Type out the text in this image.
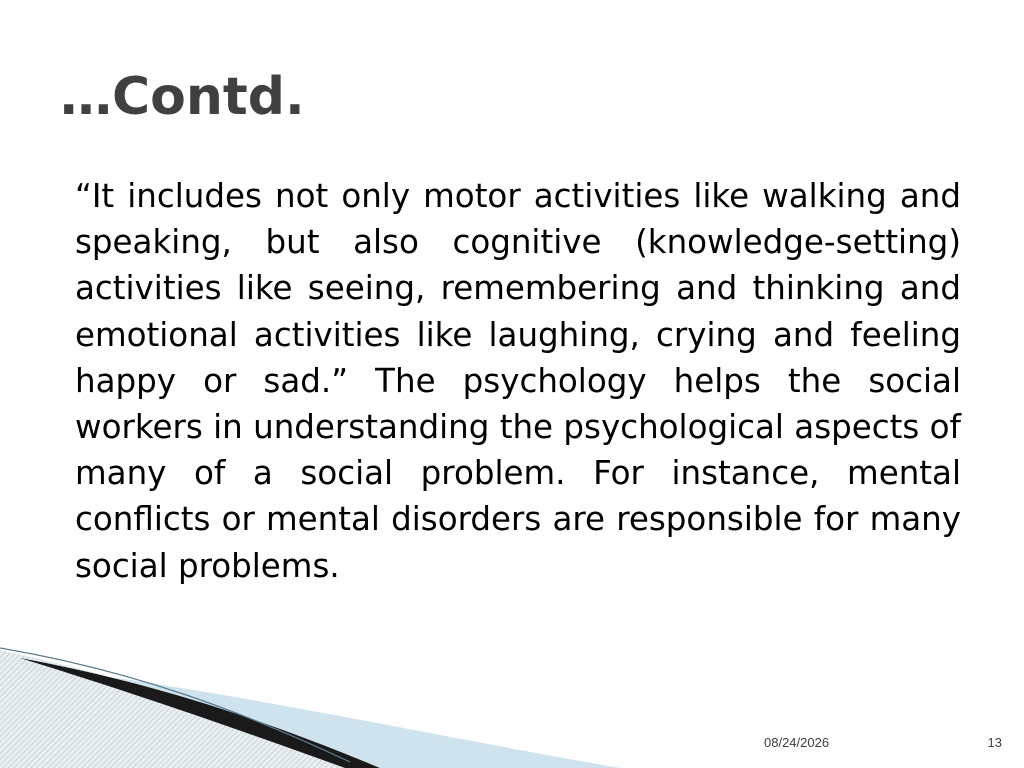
…Contd.

“It includes not only motor activities like walking and speaking, but also cognitive (knowledge-setting) activities like seeing, remembering and thinking and emotional activities like laughing, crying and feeling happy or sad.” The psychology helps the social workers in understanding the psychological aspects of many of a social problem. For instance, mental conflicts or mental disorders are responsible for many social problems.

08/24/2026	13
